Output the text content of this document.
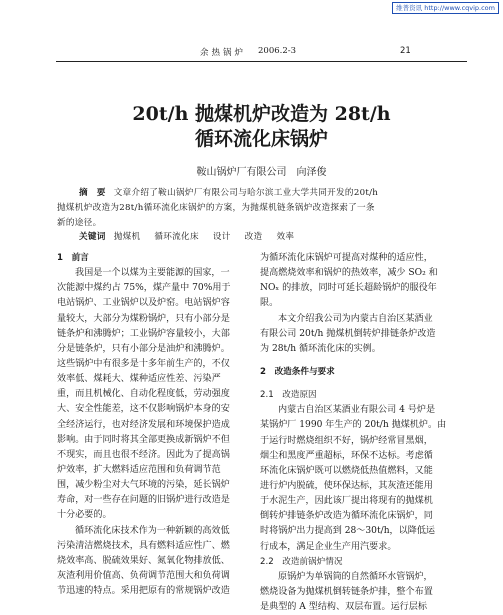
维普资讯 http://www.cqvip.com
余热锅炉 2006.2-3	21
20t/h 抛煤机炉改造为 28t/h
循环流化床锅炉
鞍山锅炉厂有限公司　向泽俊
摘　要 文章介绍了鞍山锅炉厂有限公司与哈尔滨工业大学共同开发的20t/h
抛煤机炉改造为28t/h循环流化床锅炉的方案，为抛煤机链条锅炉改造探索了一条
新的途径。
关键词 抛煤机 循环流化床 设计 改造 效率
1　前言
我国是一个以煤为主要能源的国家，一
次能源中煤约占 75%，煤产量中 70%用于
电站锅炉、工业锅炉以及炉窑。电站锅炉容
量较大，大部分为煤粉锅炉，只有小部分是
链条炉和沸腾炉；工业锅炉容量较小，大部
分是链条炉，只有小部分是油炉和沸腾炉。
这些锅炉中有很多是十多年前生产的，不仅
效率低、煤耗大、煤种适应性差、污染严
重，而且机械化、自动化程度低，劳动强度
大、安全性能差，这不仅影响锅炉本身的安
全经济运行，也对经济发展和环境保护造成
影响。由于同时将其全部更换成新锅炉不但
不现实，而且也很不经济。因此为了提高锅
炉效率，扩大燃料适应范围和负荷调节范
围，减少粉尘对大气环境的污染，延长锅炉
寿命，对一些存在问题的旧锅炉进行改造是
十分必要的。
循环流化床技术作为一种新颖的高效低
污染清洁燃烧技术，具有燃料适应性广、燃
烧效率高、脱硫效果好、氮氧化物排放低、
灰渣利用价值高、负荷调节范围大和负荷调
节迅速的特点。采用把原有的常规锅炉改造
为循环流化床锅炉可提高对煤种的适应性，
提高燃烧效率和锅炉的热效率，减少 SO₂ 和
NOₓ 的排放，同时可延长超龄锅炉的服役年
限。
本文介绍我公司为内蒙古自治区某酒业
有限公司 20t/h 抛煤机倒转炉排链条炉改造
为 28t/h 循环流化床的实例。
2　改造条件与要求
2.1　改造原因
内蒙古自治区某酒业有限公司 4 号炉是
某锅炉厂 1990 年生产的 20t/h 抛煤机炉。由
于运行时燃烧组织不好，锅炉经常冒黑烟，
烟尘和黑度严重超标，环保不达标。考虑循
环流化床锅炉既可以燃烧低热值燃料，又能
进行炉内脱硫，使环保达标，其灰渣还能用
于水泥生产，因此该厂提出将现有的抛煤机
倒转炉排链条炉改造为循环流化床锅炉，同
时将锅炉出力提高到 28～30t/h，以降低运
行成本，满足企业生产用汽要求。
2.2　改造前锅炉情况
原锅炉为单锅筒的自然循环水管锅炉，
燃烧设备为抛煤机倒转链条炉排，整个布置
是典型的 A 型结构、双层布置。运行层标
